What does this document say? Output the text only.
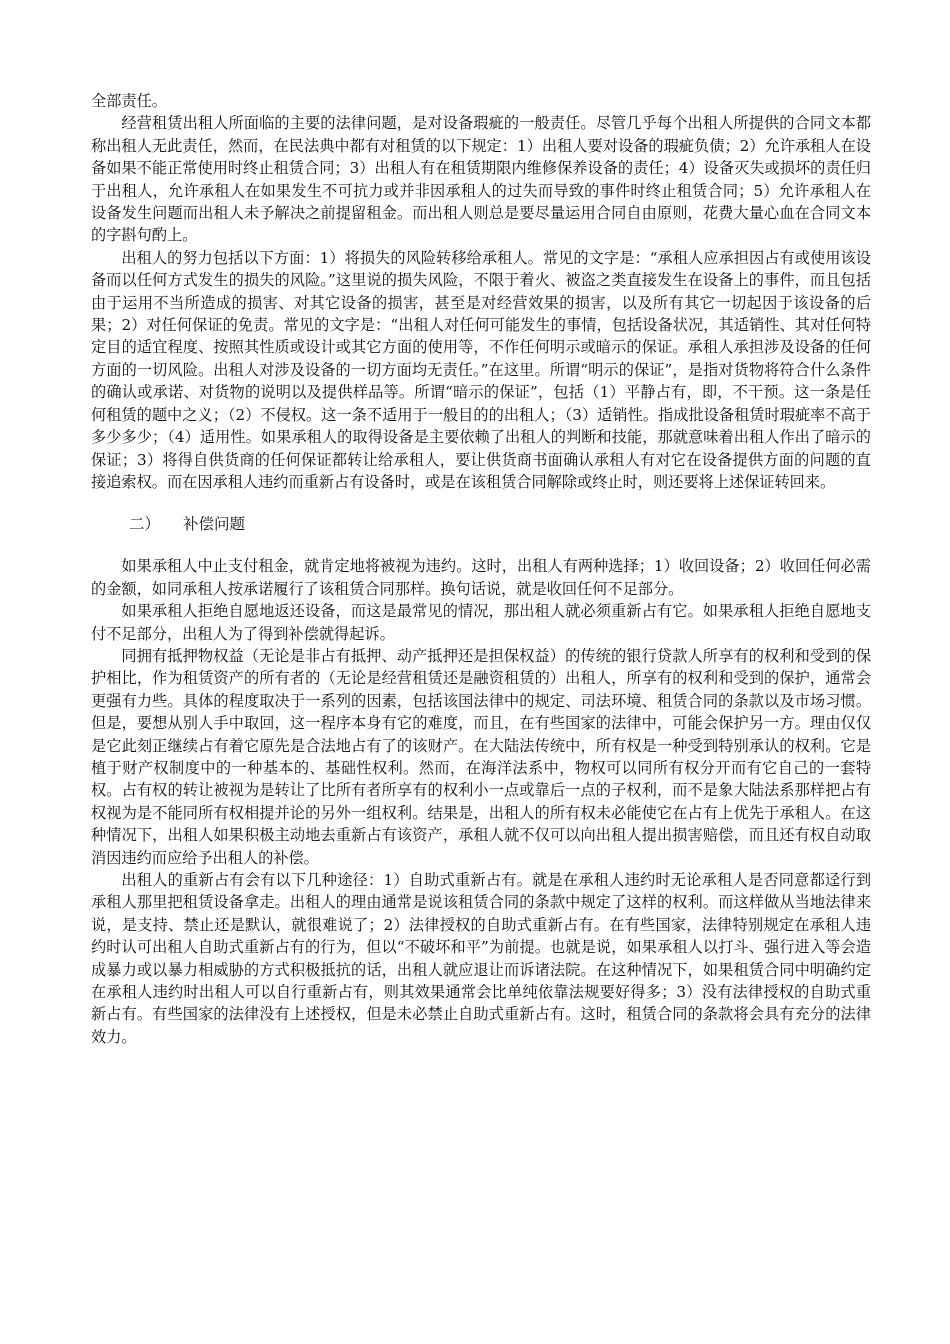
全部责任。

经营租赁出租人所面临的主要的法律问题，是对设备瑕疵的一般责任。尽管几乎每个出租人所提供的合同文本都称出租人无此责任，然而，在民法典中都有对租赁的以下规定：1）出租人要对设备的瑕疵负债；2）允许承租人在设备如果不能正常使用时终止租赁合同；3）出租人有在租赁期限内维修保养设备的责任；4）设备灭失或损坏的责任归于出租人，允许承租人在如果发生不可抗力或并非因承租人的过失而导致的事件时终止租赁合同；5）允许承租人在设备发生问题而出租人未予解决之前提留租金。而出租人则总是要尽量运用合同自由原则，花费大量心血在合同文本的字斟句酌上。

出租人的努力包括以下方面：1）将损失的风险转移给承租人。常见的文字是：“承租人应承担因占有或使用该设备而以任何方式发生的损失的风险。”这里说的损失风险，不限于着火、被盗之类直接发生在设备上的事件，而且包括由于运用不当所造成的损害、对其它设备的损害，甚至是对经营效果的损害，以及所有其它一切起因于该设备的后果；2）对任何保证的免责。常见的文字是：“出租人对任何可能发生的事情，包括设备状况，其适销性、其对任何特定目的适宜程度、按照其性质或设计或其它方面的使用等，不作任何明示或暗示的保证。承租人承担涉及设备的任何方面的一切风险。出租人对涉及设备的一切方面均无责任。”在这里。所谓“明示的保证”，是指对货物将符合什么条件的确认或承诺、对货物的说明以及提供样品等。所谓“暗示的保证”，包括（1）平静占有，即，不干预。这一条是任何租赁的题中之义；（2）不侵权。这一条不适用于一般目的的出租人；（3）适销性。指成批设备租赁时瑕疵率不高于多少多少；（4）适用性。如果承租人的取得设备是主要依赖了出租人的判断和技能，那就意味着出租人作出了暗示的保证；3）将得自供货商的任何保证都转让给承租人，要让供货商书面确认承租人有对它在设备提供方面的问题的直接追索权。而在因承租人违约而重新占有设备时，或是在该租赁合同解除或终止时，则还要将上述保证转回来。

二） 补偿问题

如果承租人中止支付租金，就肯定地将被视为违约。这时，出租人有两种选择；1）收回设备；2）收回任何必需的金额，如同承租人按承诺履行了该租赁合同那样。换句话说，就是收回任何不足部分。

如果承租人拒绝自愿地返还设备，而这是最常见的情况，那出租人就必须重新占有它。如果承租人拒绝自愿地支付不足部分，出租人为了得到补偿就得起诉。

同拥有抵押物权益（无论是非占有抵押、动产抵押还是担保权益）的传统的银行贷款人所享有的权利和受到的保护相比，作为租赁资产的所有者的（无论是经营租赁还是融资租赁的）出租人，所享有的权利和受到的保护，通常会更强有力些。具体的程度取决于一系列的因素，包括该国法律中的规定、司法环境、租赁合同的条款以及市场习惯。但是，要想从别人手中取回，这一程序本身有它的难度，而且，在有些国家的法律中，可能会保护另一方。理由仅仅是它此刻正继续占有着它原先是合法地占有了的该财产。在大陆法传统中，所有权是一种受到特别承认的权利。它是植于财产权制度中的一种基本的、基础性权利。然而，在海洋法系中，物权可以同所有权分开而有它自己的一套特权。占有权的转让被视为是转让了比所有者所享有的权利小一点或靠后一点的子权利，而不是象大陆法系那样把占有权视为是不能同所有权相提并论的另外一组权利。结果是，出租人的所有权未必能使它在占有上优先于承租人。在这种情况下，出租人如果积极主动地去重新占有该资产，承租人就不仅可以向出租人提出损害赔偿，而且还有权自动取消因违约而应给予出租人的补偿。

出租人的重新占有会有以下几种途径：1）自助式重新占有。就是在承租人违约时无论承租人是否同意都迳行到承租人那里把租赁设备拿走。出租人的理由通常是说该租赁合同的条款中规定了这样的权利。而这样做从当地法律来说，是支持、禁止还是默认，就很难说了；2）法律授权的自助式重新占有。在有些国家，法律特别规定在承租人违约时认可出租人自助式重新占有的行为，但以“不破坏和平”为前提。也就是说，如果承租人以打斗、强行进入等会造成暴力或以暴力相威胁的方式积极抵抗的话，出租人就应退让而诉诸法院。在这种情况下，如果租赁合同中明确约定在承租人违约时出租人可以自行重新占有，则其效果通常会比单纯依靠法规要好得多；3）没有法律授权的自助式重新占有。有些国家的法律没有上述授权，但是未必禁止自助式重新占有。这时，租赁合同的条款将会具有充分的法律效力。
